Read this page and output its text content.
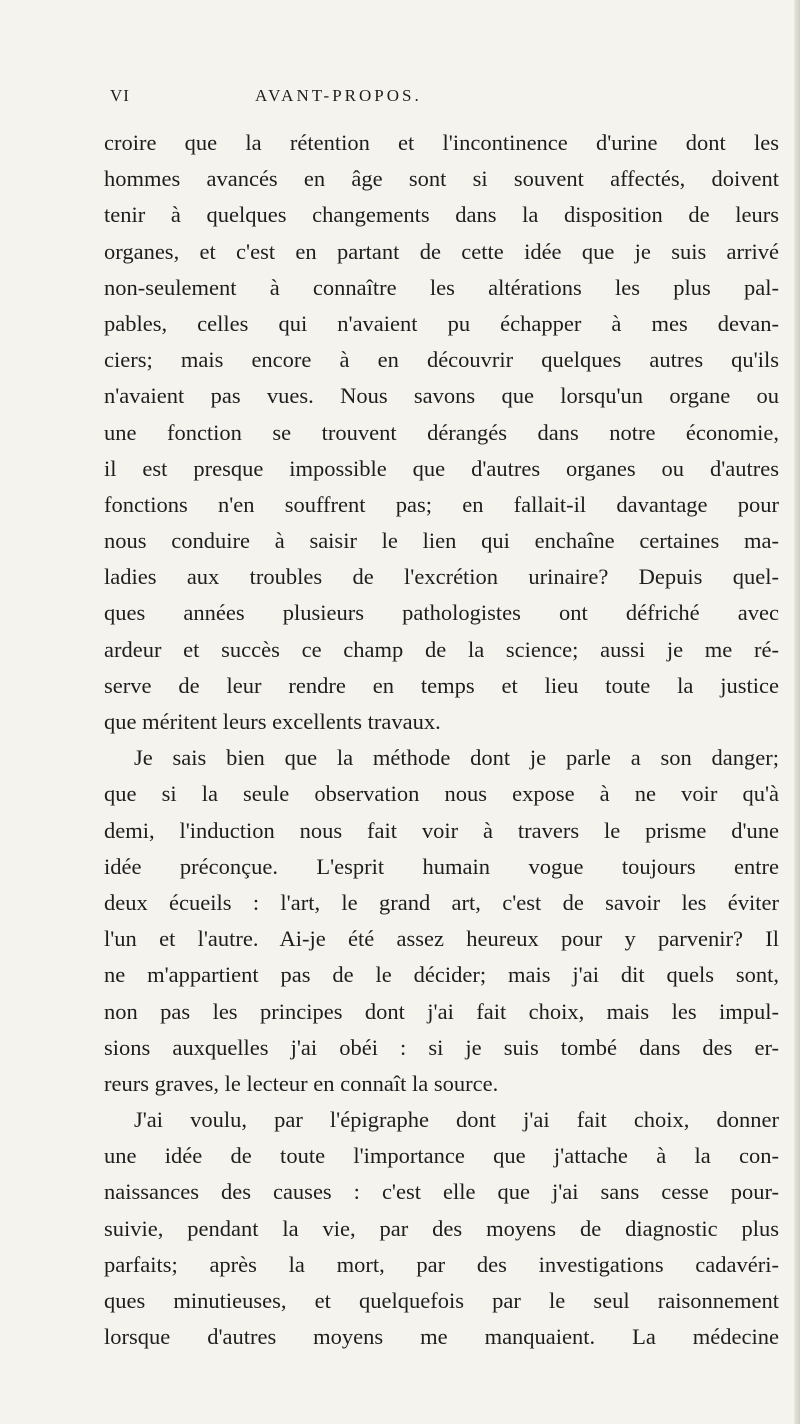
VI	AVANT-PROPOS.
croire que la rétention et l'incontinence d'urine dont les
hommes avancés en âge sont si souvent affectés, doivent
tenir à quelques changements dans la disposition de leurs
organes, et c'est en partant de cette idée que je suis arrivé
non-seulement à connaître les altérations les plus pal-
pables, celles qui n'avaient pu échapper à mes devan-
ciers; mais encore à en découvrir quelques autres qu'ils
n'avaient pas vues. Nous savons que lorsqu'un organe ou
une fonction se trouvent dérangés dans notre économie,
il est presque impossible que d'autres organes ou d'autres
fonctions n'en souffrent pas; en fallait-il davantage pour
nous conduire à saisir le lien qui enchaîne certaines ma-
ladies aux troubles de l'excrétion urinaire? Depuis quel-
ques années plusieurs pathologistes ont défriché avec
ardeur et succès ce champ de la science; aussi je me ré-
serve de leur rendre en temps et lieu toute la justice
que méritent leurs excellents travaux.
Je sais bien que la méthode dont je parle a son danger;
que si la seule observation nous expose à ne voir qu'à
demi, l'induction nous fait voir à travers le prisme d'une
idée préconçue. L'esprit humain vogue toujours entre
deux écueils : l'art, le grand art, c'est de savoir les éviter
l'un et l'autre. Ai-je été assez heureux pour y parvenir? Il
ne m'appartient pas de le décider; mais j'ai dit quels sont,
non pas les principes dont j'ai fait choix, mais les impul-
sions auxquelles j'ai obéi : si je suis tombé dans des er-
reurs graves, le lecteur en connaît la source.
J'ai voulu, par l'épigraphe dont j'ai fait choix, donner
une idée de toute l'importance que j'attache à la con-
naissances des causes : c'est elle que j'ai sans cesse pour-
suivie, pendant la vie, par des moyens de diagnostic plus
parfaits; après la mort, par des investigations cadavéri-
ques minutieuses, et quelquefois par le seul raisonnement
lorsque d'autres moyens me manquaient. La médecine
